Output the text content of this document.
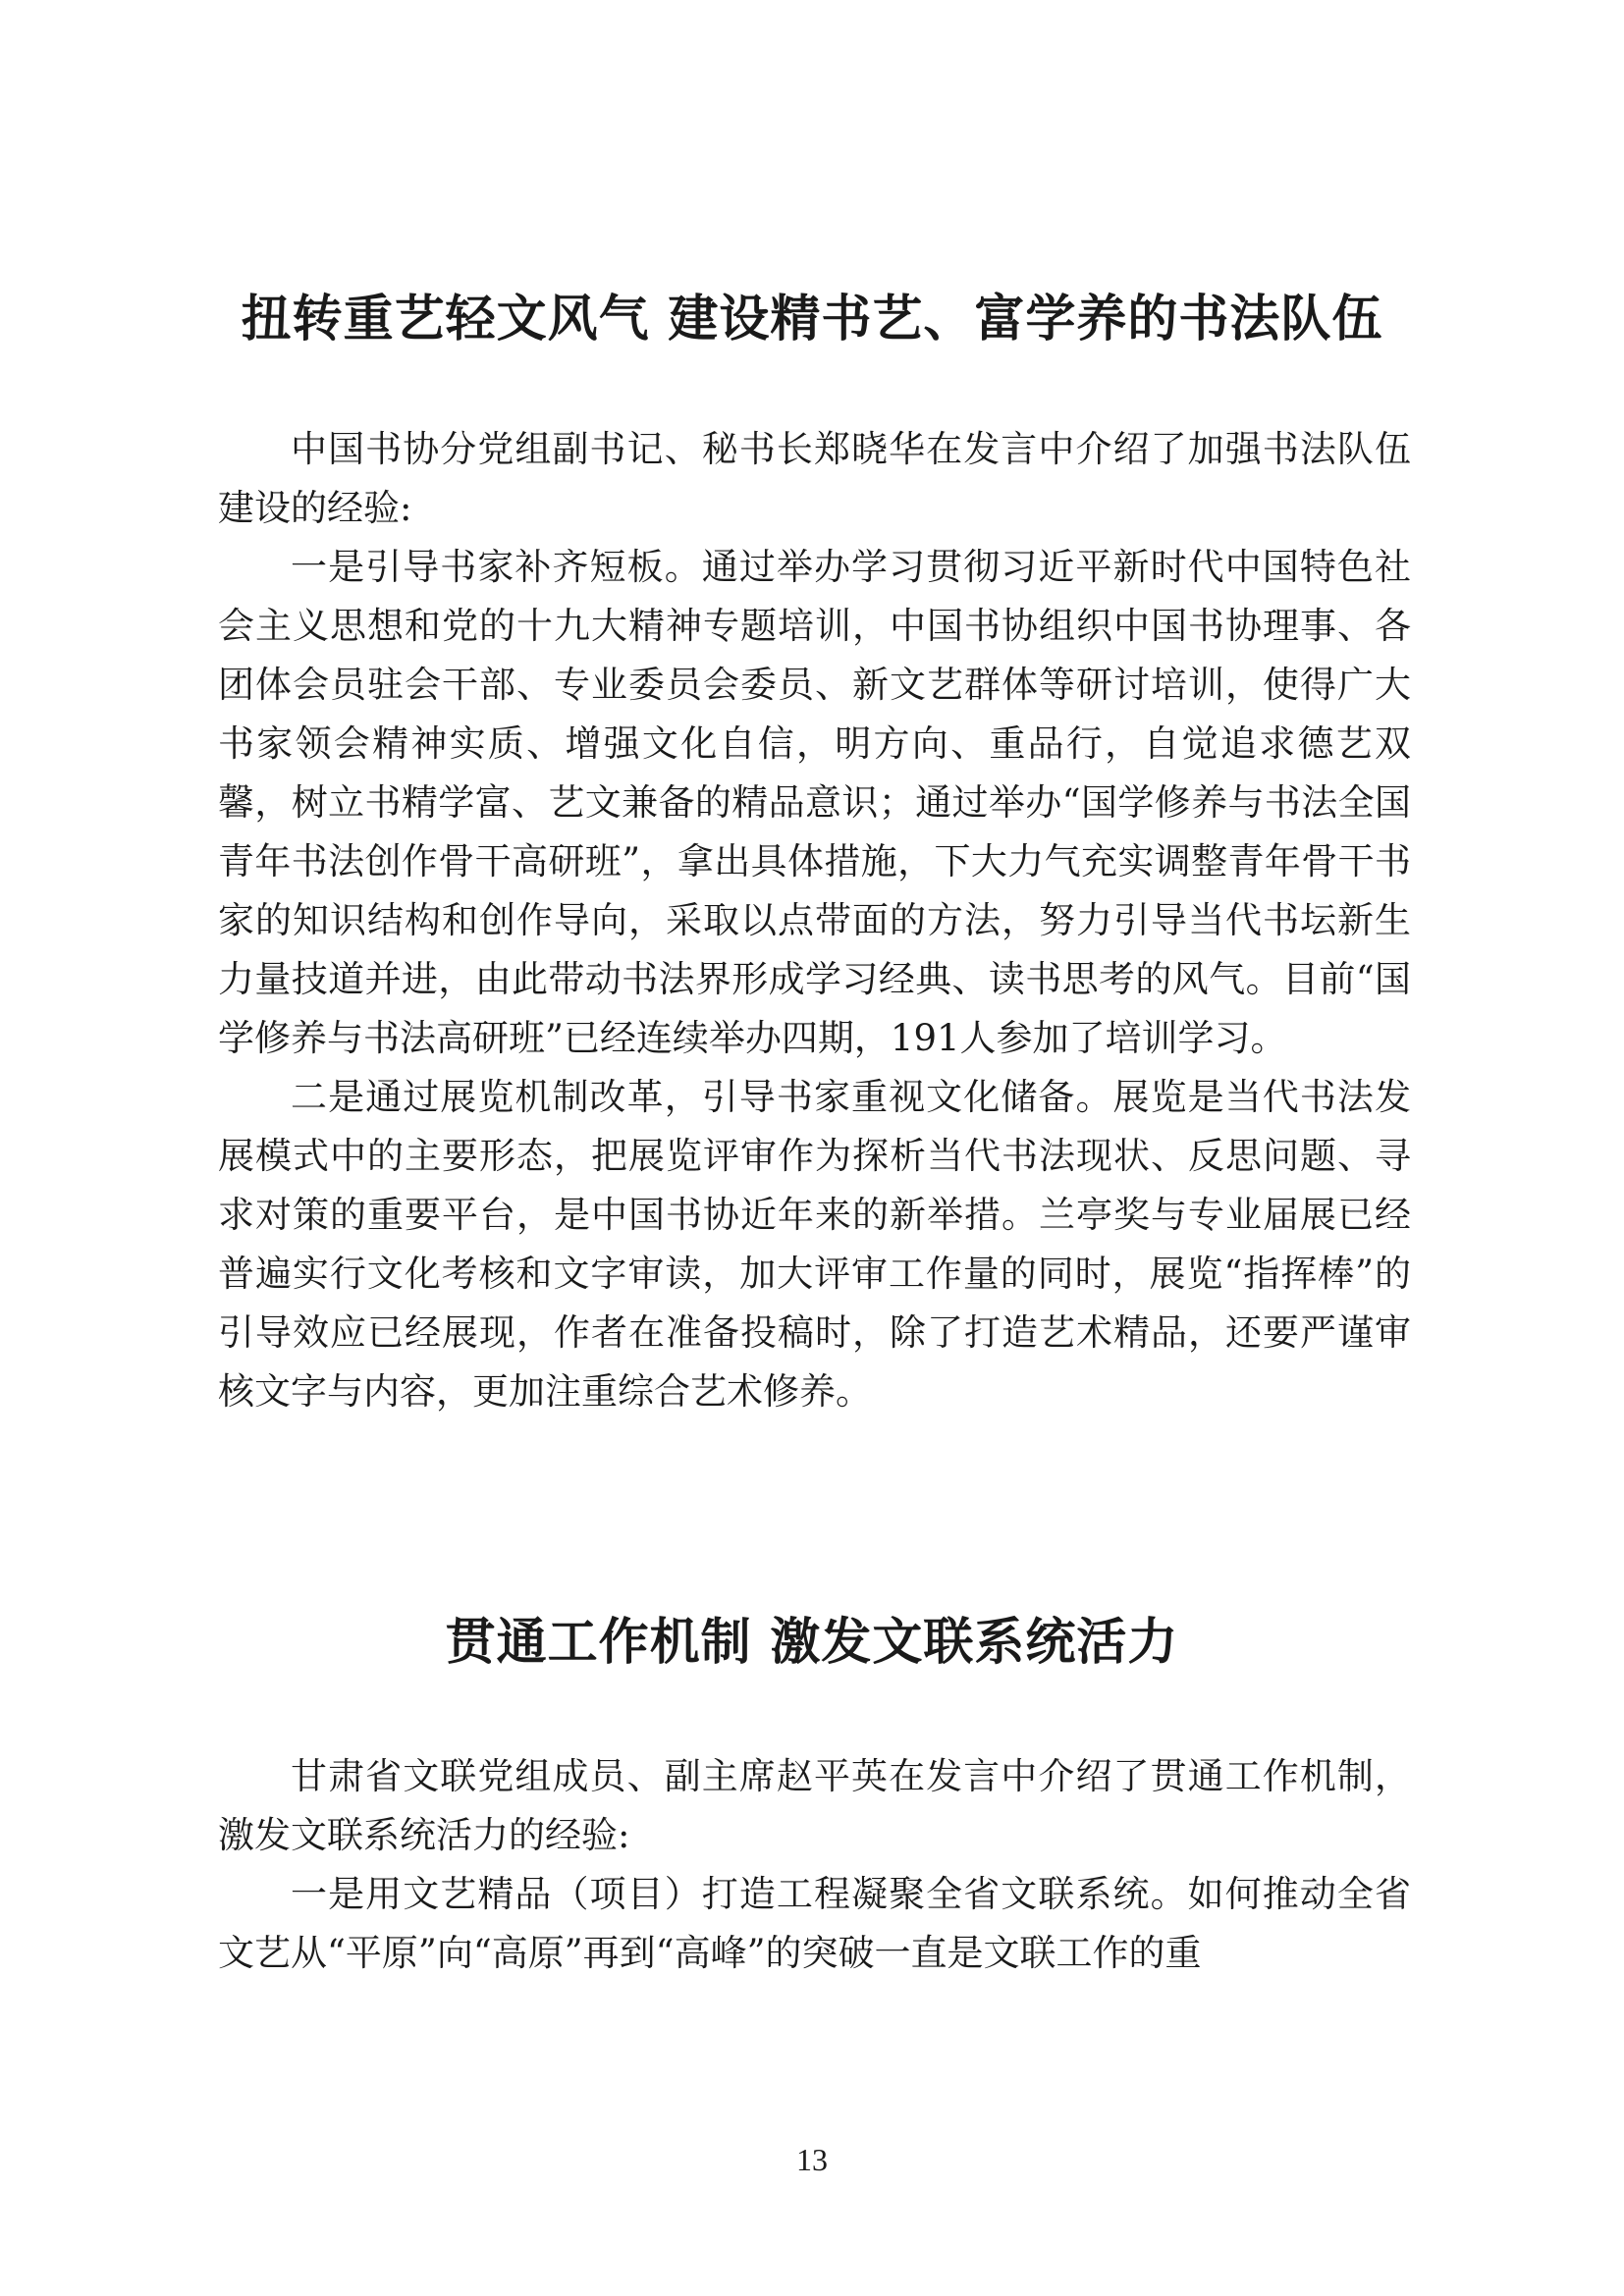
扭转重艺轻文风气 建设精书艺、富学养的书法队伍

中国书协分党组副书记、秘书长郑晓华在发言中介绍了加强书法队伍建设的经验:

一是引导书家补齐短板。通过举办学习贯彻习近平新时代中国特色社会主义思想和党的十九大精神专题培训，中国书协组织中国书协理事、各团体会员驻会干部、专业委员会委员、新文艺群体等研讨培训，使得广大书家领会精神实质、增强文化自信，明方向、重品行，自觉追求德艺双馨，树立书精学富、艺文兼备的精品意识；通过举办“国学修养与书法全国青年书法创作骨干高研班”，拿出具体措施，下大力气充实调整青年骨干书家的知识结构和创作导向，采取以点带面的方法，努力引导当代书坛新生力量技道并进，由此带动书法界形成学习经典、读书思考的风气。目前“国学修养与书法高研班”已经连续举办四期，191人参加了培训学习。

二是通过展览机制改革，引导书家重视文化储备。展览是当代书法发展模式中的主要形态，把展览评审作为探析当代书法现状、反思问题、寻求对策的重要平台，是中国书协近年来的新举措。兰亭奖与专业届展已经普遍实行文化考核和文字审读，加大评审工作量的同时，展览“指挥棒”的引导效应已经展现，作者在准备投稿时，除了打造艺术精品，还要严谨审核文字与内容，更加注重综合艺术修养。

贯通工作机制 激发文联系统活力

甘肃省文联党组成员、副主席赵平英在发言中介绍了贯通工作机制，激发文联系统活力的经验:

一是用文艺精品（项目）打造工程凝聚全省文联系统。如何推动全省文艺从“平原”向“高原”再到“高峰”的突破一直是文联工作的重

13
